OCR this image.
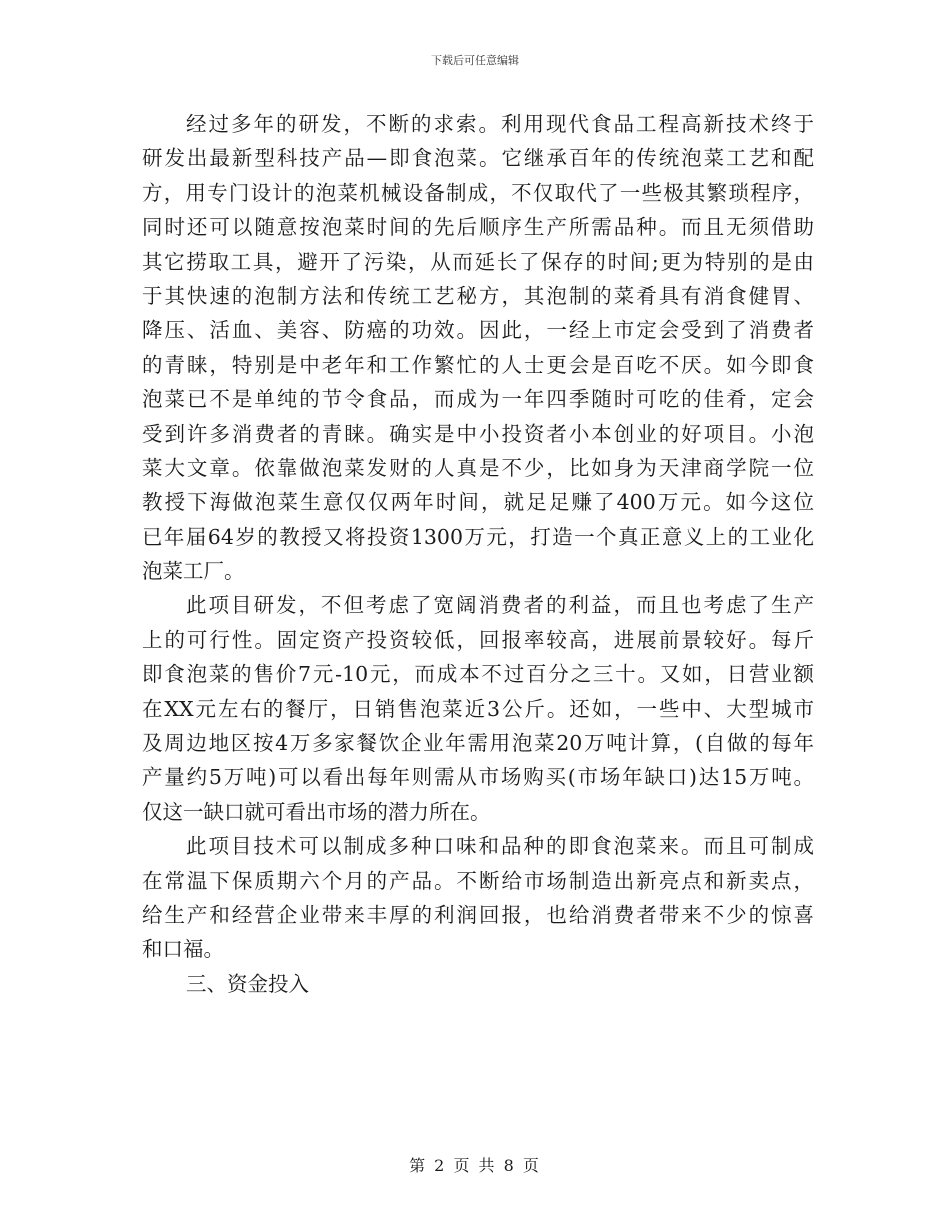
下载后可任意编辑
经过多年的研发，不断的求索。利用现代食品工程高新技术终于
研发出最新型科技产品—即食泡菜。它继承百年的传统泡菜工艺和配
方，用专门设计的泡菜机械设备制成，不仅取代了一些极其繁琐程序，
同时还可以随意按泡菜时间的先后顺序生产所需品种。而且无须借助
其它捞取工具，避开了污染，从而延长了保存的时间;更为特别的是由
于其快速的泡制方法和传统工艺秘方，其泡制的菜肴具有消食健胃、
降压、活血、美容、防癌的功效。因此，一经上市定会受到了消费者
的青睐，特别是中老年和工作繁忙的人士更会是百吃不厌。如今即食
泡菜已不是单纯的节令食品，而成为一年四季随时可吃的佳肴，定会
受到许多消费者的青睐。确实是中小投资者小本创业的好项目。小泡
菜大文章。依靠做泡菜发财的人真是不少，比如身为天津商学院一位
教授下海做泡菜生意仅仅两年时间，就足足赚了400万元。如今这位
已年届64岁的教授又将投资1300万元，打造一个真正意义上的工业化
泡菜工厂。
此项目研发，不但考虑了宽阔消费者的利益，而且也考虑了生产
上的可行性。固定资产投资较低，回报率较高，进展前景较好。每斤
即食泡菜的售价7元-10元，而成本不过百分之三十。又如，日营业额
在XX元左右的餐厅，日销售泡菜近3公斤。还如，一些中、大型城市
及周边地区按4万多家餐饮企业年需用泡菜20万吨计算，(自做的每年
产量约5万吨)可以看出每年则需从市场购买(市场年缺口)达15万吨。
仅这一缺口就可看出市场的潜力所在。
此项目技术可以制成多种口味和品种的即食泡菜来。而且可制成
在常温下保质期六个月的产品。不断给市场制造出新亮点和新卖点，
给生产和经营企业带来丰厚的利润回报，也给消费者带来不少的惊喜
和口福。
三、资金投入
第 2 页 共 8 页
